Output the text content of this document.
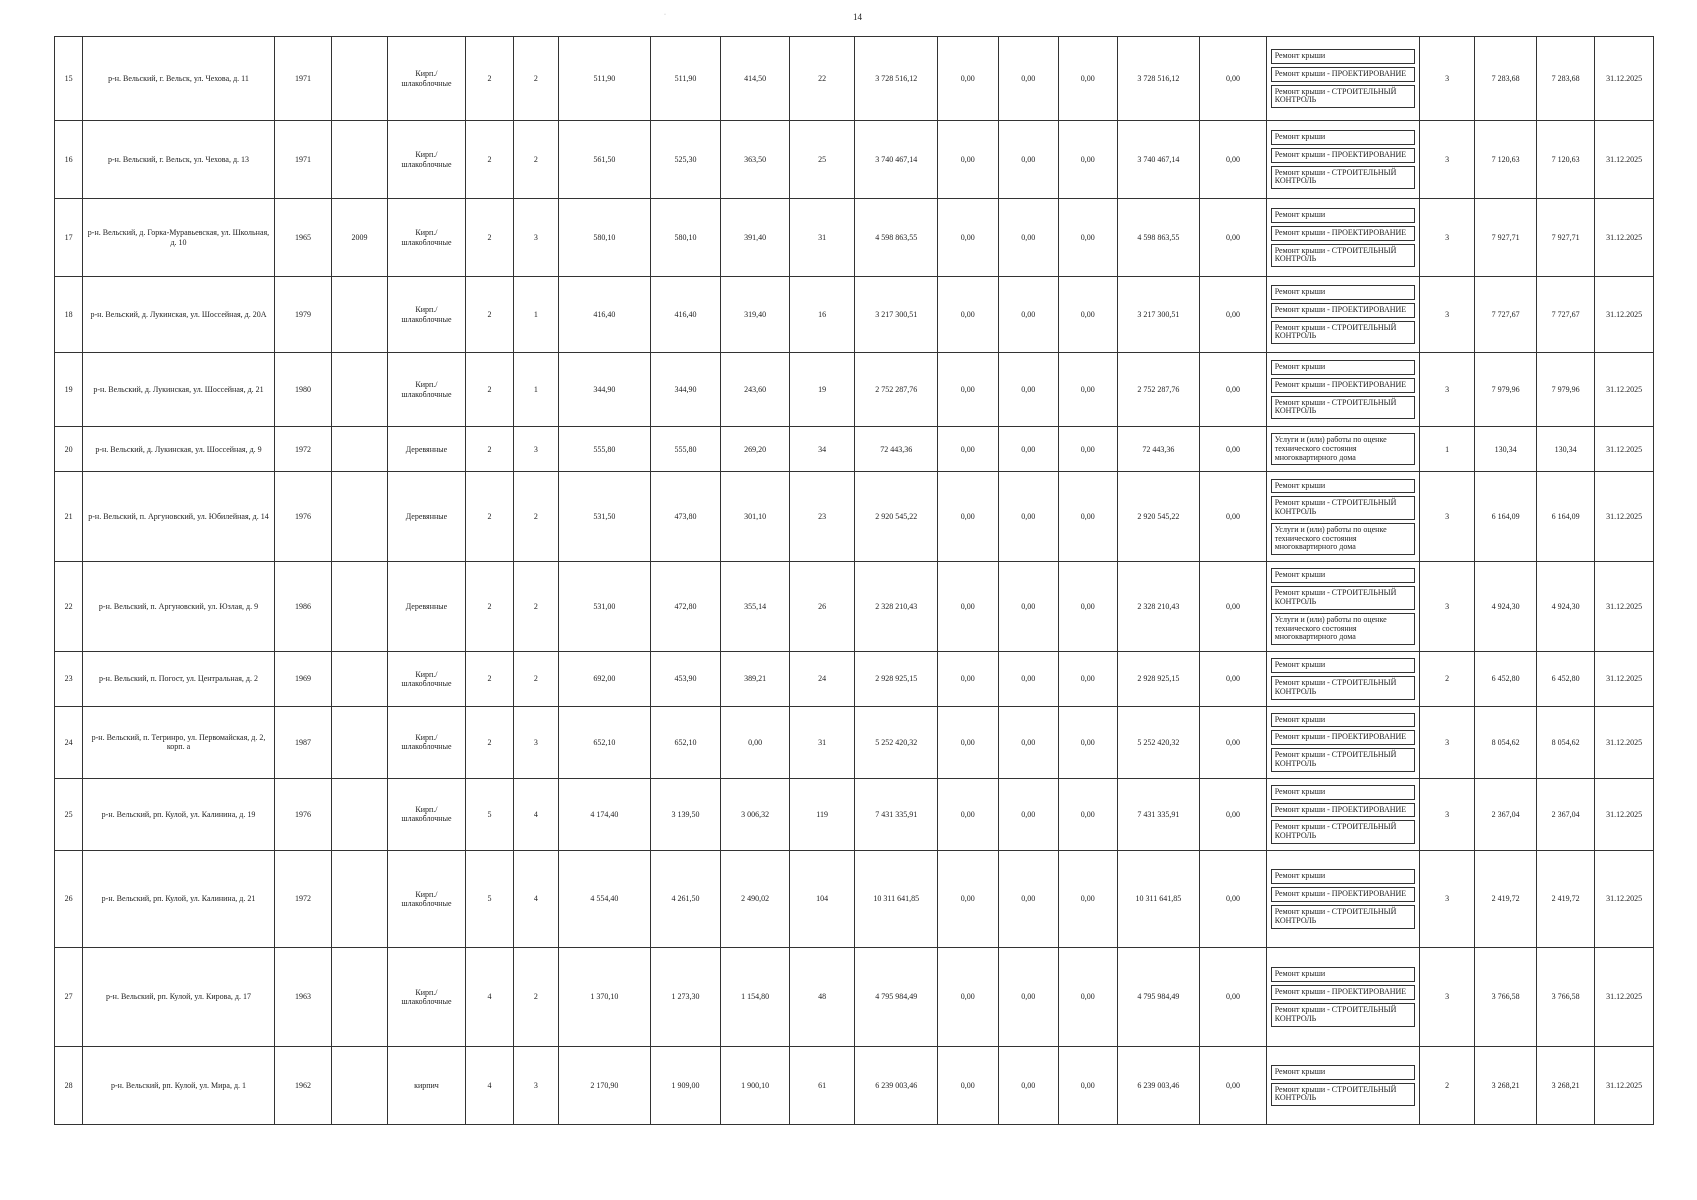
·	14
15	р-н. Вельский, г. Вельск, ул. Чехова, д. 11	1971		Кирп./ шлакоблочные	2	2	511,90	511,90	414,50	22	3 728 516,12	0,00	0,00	0,00	3 728 516,12	0,00	Ремонт крыши
Ремонт крыши - ПРОЕКТИРОВАНИЕ
Ремонт крыши - СТРОИТЕЛЬНЫЙ КОНТРОЛЬ	3	7 283,68	7 283,68	31.12.2025
16	р-н. Вельский, г. Вельск, ул. Чехова, д. 13	1971		Кирп./ шлакоблочные	2	2	561,50	525,30	363,50	25	3 740 467,14	0,00	0,00	0,00	3 740 467,14	0,00	Ремонт крыши
Ремонт крыши - ПРОЕКТИРОВАНИЕ
Ремонт крыши - СТРОИТЕЛЬНЫЙ КОНТРОЛЬ	3	7 120,63	7 120,63	31.12.2025
17	р-н. Вельский, д. Горка-Муравьевская, ул. Школьная, д. 10	1965	2009	Кирп./ шлакоблочные	2	3	580,10	580,10	391,40	31	4 598 863,55	0,00	0,00	0,00	4 598 863,55	0,00	Ремонт крыши
Ремонт крыши - ПРОЕКТИРОВАНИЕ
Ремонт крыши - СТРОИТЕЛЬНЫЙ КОНТРОЛЬ	3	7 927,71	7 927,71	31.12.2025
18	р-н. Вельский, д. Лукинская, ул. Шоссейная, д. 20А	1979		Кирп./ шлакоблочные	2	1	416,40	416,40	319,40	16	3 217 300,51	0,00	0,00	0,00	3 217 300,51	0,00	Ремонт крыши
Ремонт крыши - ПРОЕКТИРОВАНИЕ
Ремонт крыши - СТРОИТЕЛЬНЫЙ КОНТРОЛЬ	3	7 727,67	7 727,67	31.12.2025
19	р-н. Вельский, д. Лукинская, ул. Шоссейная, д. 21	1980		Кирп./ шлакоблочные	2	1	344,90	344,90	243,60	19	2 752 287,76	0,00	0,00	0,00	2 752 287,76	0,00	Ремонт крыши
Ремонт крыши - ПРОЕКТИРОВАНИЕ
Ремонт крыши - СТРОИТЕЛЬНЫЙ КОНТРОЛЬ	3	7 979,96	7 979,96	31.12.2025
20	р-н. Вельский, д. Лукинская, ул. Шоссейная, д. 9	1972		Деревянные	2	3	555,80	555,80	269,20	34	72 443,36	0,00	0,00	0,00	72 443,36	0,00	Услуги и (или) работы по оценке технического состояния многоквартирного дома	1	130,34	130,34	31.12.2025
21	р-н. Вельский, п. Аргуновский, ул. Юбилейная, д. 14	1976		Деревянные	2	2	531,50	473,80	301,10	23	2 920 545,22	0,00	0,00	0,00	2 920 545,22	0,00	Ремонт крыши
Ремонт крыши - СТРОИТЕЛЬНЫЙ КОНТРОЛЬ
Услуги и (или) работы по оценке технического состояния многоквартирного дома	3	6 164,09	6 164,09	31.12.2025
22	р-н. Вельский, п. Аргуновский, ул. Юзлая, д. 9	1986		Деревянные	2	2	531,00	472,80	355,14	26	2 328 210,43	0,00	0,00	0,00	2 328 210,43	0,00	Ремонт крыши
Ремонт крыши - СТРОИТЕЛЬНЫЙ КОНТРОЛЬ
Услуги и (или) работы по оценке технического состояния многоквартирного дома	3	4 924,30	4 924,30	31.12.2025
23	р-н. Вельский, п. Погост, ул. Центральная, д. 2	1969		Кирп./ шлакоблочные	2	2	692,00	453,90	389,21	24	2 928 925,15	0,00	0,00	0,00	2 928 925,15	0,00	Ремонт крыши
Ремонт крыши - СТРОИТЕЛЬНЫЙ КОНТРОЛЬ	2	6 452,80	6 452,80	31.12.2025
24	р-н. Вельский, п. Тегринро, ул. Первомайская, д. 2, корп. а	1987		Кирп./ шлакоблочные	2	3	652,10	652,10	0,00	31	5 252 420,32	0,00	0,00	0,00	5 252 420,32	0,00	Ремонт крыши
Ремонт крыши - ПРОЕКТИРОВАНИЕ
Ремонт крыши - СТРОИТЕЛЬНЫЙ КОНТРОЛЬ	3	8 054,62	8 054,62	31.12.2025
25	р-н. Вельский, рп. Кулой, ул. Калинина, д. 19	1976		Кирп./ шлакоблочные	5	4	4 174,40	3 139,50	3 006,32	119	7 431 335,91	0,00	0,00	0,00	7 431 335,91	0,00	Ремонт крыши
Ремонт крыши - ПРОЕКТИРОВАНИЕ
Ремонт крыши - СТРОИТЕЛЬНЫЙ КОНТРОЛЬ	3	2 367,04	2 367,04	31.12.2025
26	р-н. Вельский, рп. Кулой, ул. Калинина, д. 21	1972		Кирп./ шлакоблочные	5	4	4 554,40	4 261,50	2 490,02	104	10 311 641,85	0,00	0,00	0,00	10 311 641,85	0,00	Ремонт крыши
Ремонт крыши - ПРОЕКТИРОВАНИЕ
Ремонт крыши - СТРОИТЕЛЬНЫЙ КОНТРОЛЬ	3	2 419,72	2 419,72	31.12.2025
27	р-н. Вельский, рп. Кулой, ул. Кирова, д. 17	1963		Кирп./ шлакоблочные	4	2	1 370,10	1 273,30	1 154,80	48	4 795 984,49	0,00	0,00	0,00	4 795 984,49	0,00	Ремонт крыши
Ремонт крыши - ПРОЕКТИРОВАНИЕ
Ремонт крыши - СТРОИТЕЛЬНЫЙ КОНТРОЛЬ	3	3 766,58	3 766,58	31.12.2025
28	р-н. Вельский, рп. Кулой, ул. Мира, д. 1	1962		кирпич	4	3	2 170,90	1 909,00	1 900,10	61	6 239 003,46	0,00	0,00	0,00	6 239 003,46	0,00	Ремонт крыши
Ремонт крыши - СТРОИТЕЛЬНЫЙ КОНТРОЛЬ	2	3 268,21	3 268,21	31.12.2025
